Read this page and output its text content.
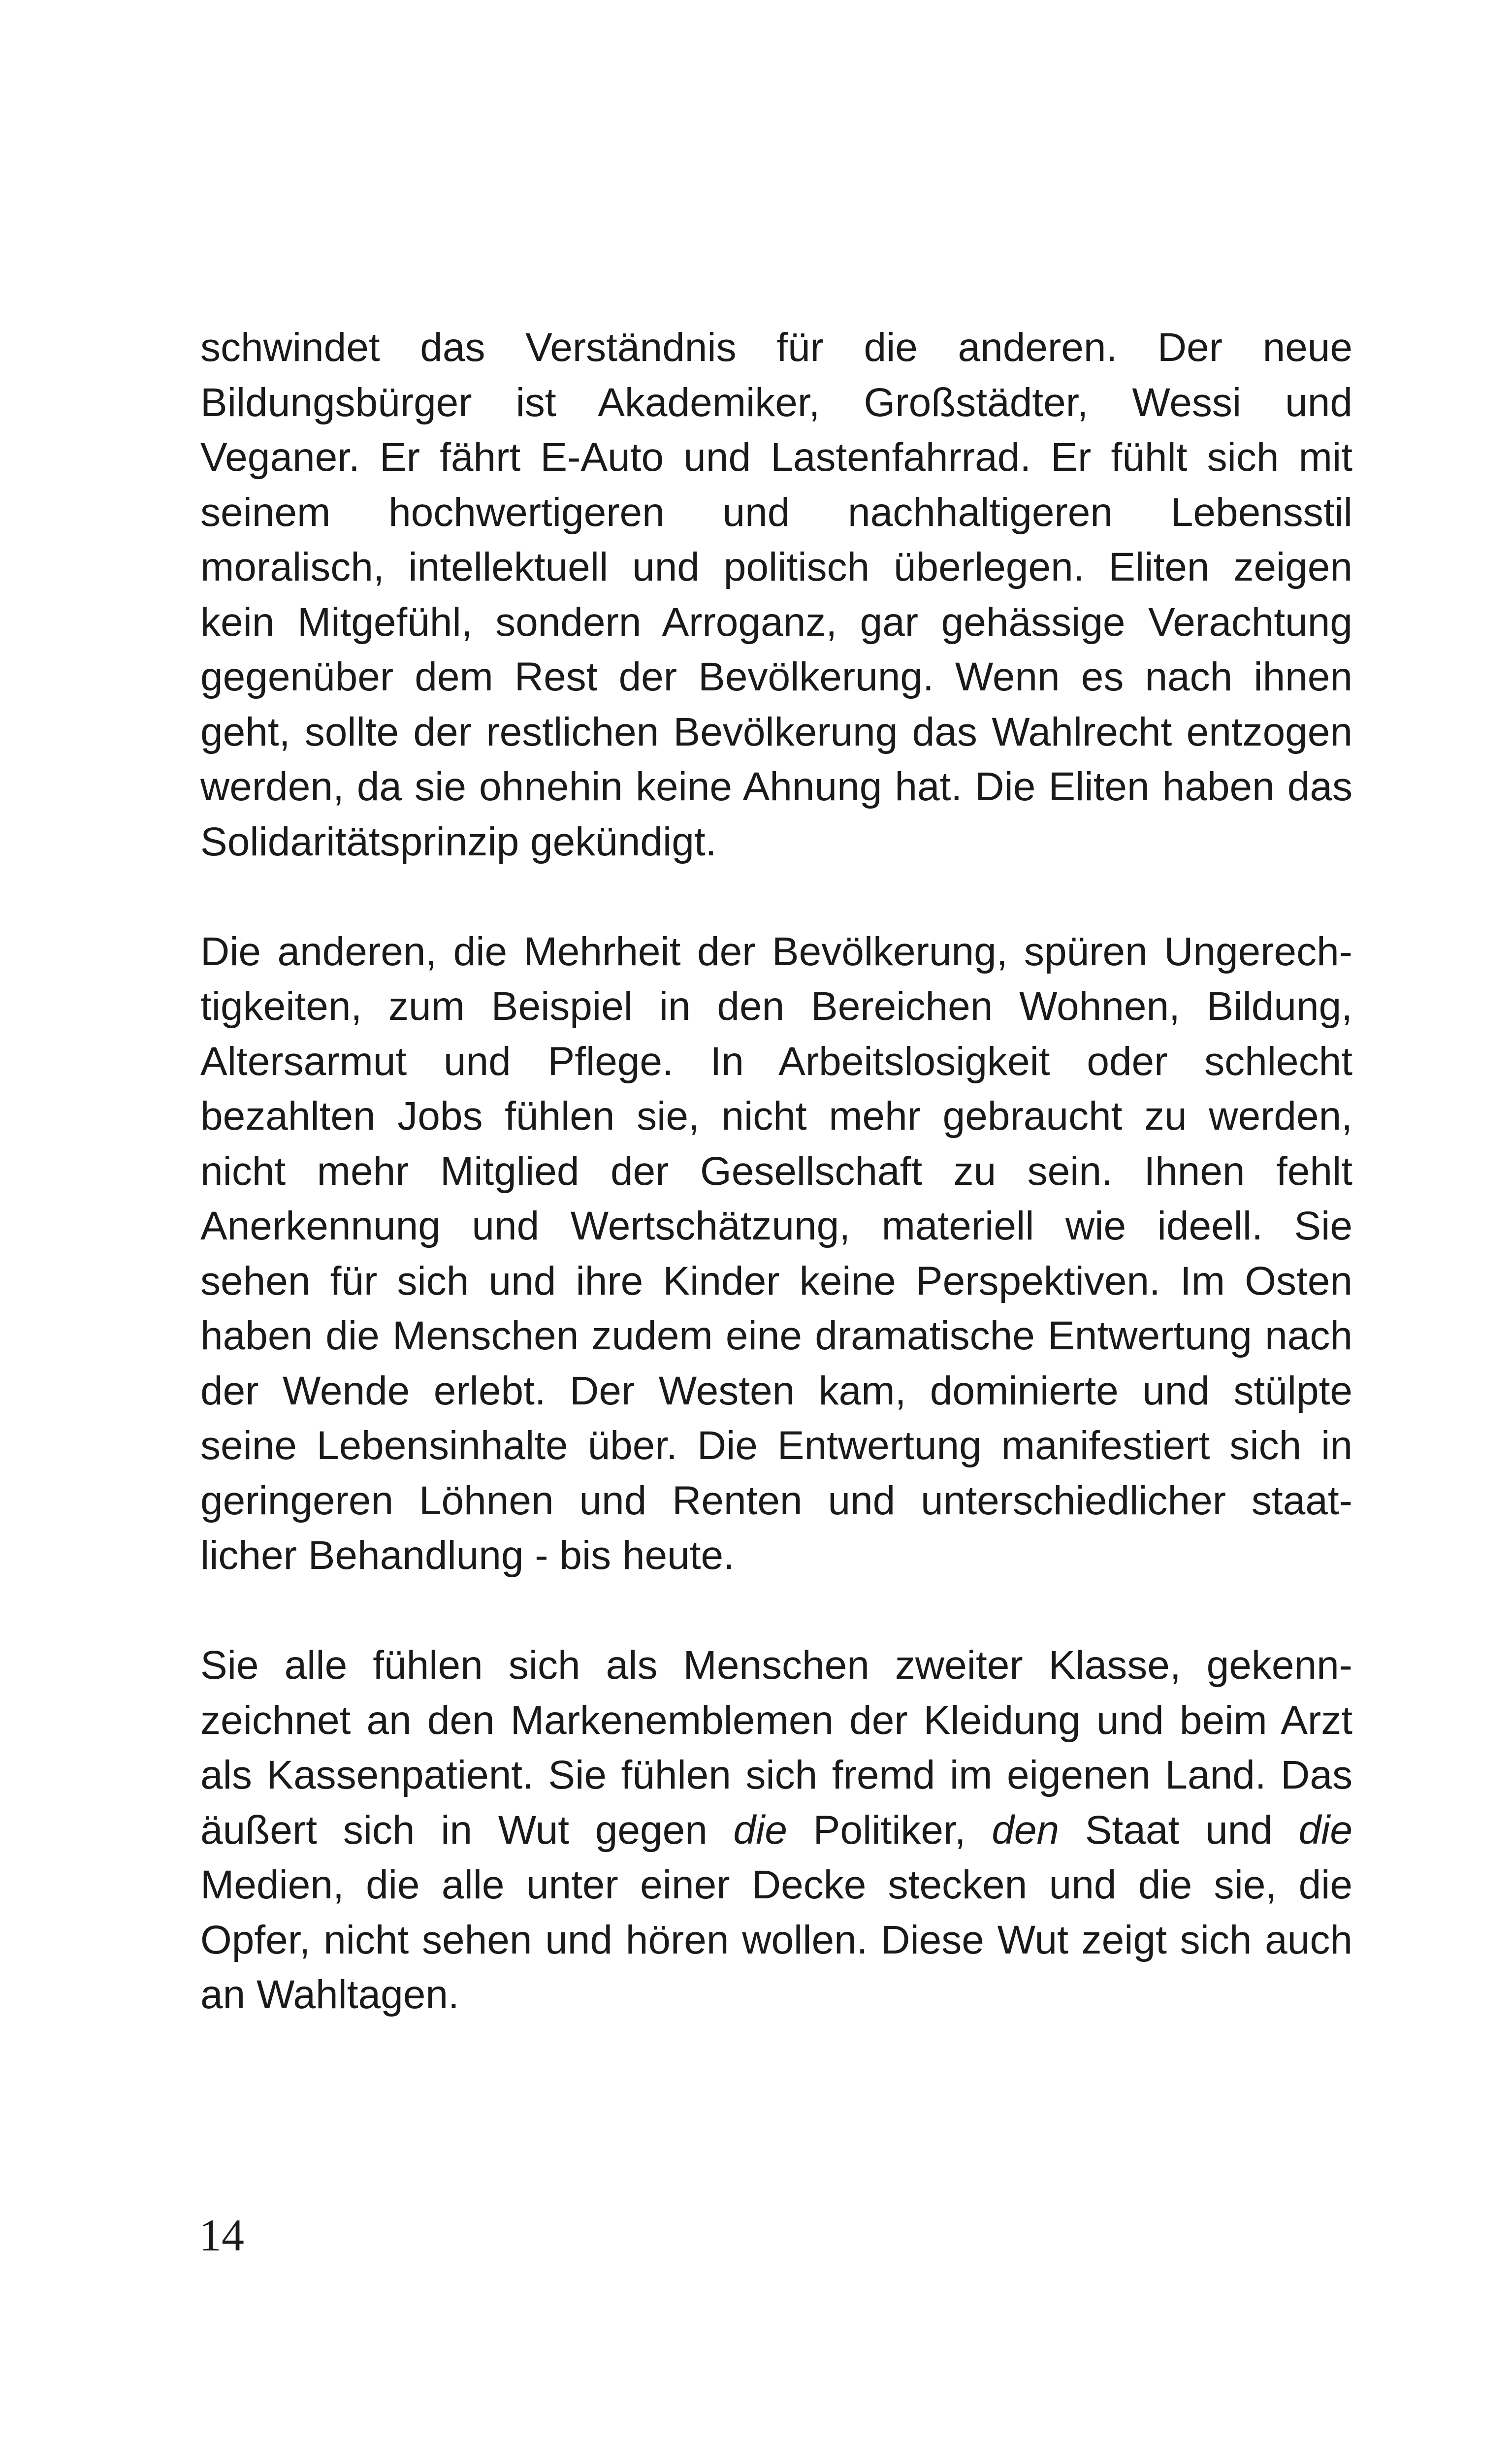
schwindet das Verständnis für die anderen. Der neue
Bildungsbürger ist Akademiker, Großstädter, Wessi und
Veganer. Er fährt E-Auto und Lastenfahrrad. Er fühlt sich mit
seinem hochwertigeren und nachhaltigeren Lebensstil
moralisch, intellektuell und politisch überlegen. Eliten zeigen
kein Mitgefühl, sondern Arroganz, gar gehässige Verachtung
gegenüber dem Rest der Bevölkerung. Wenn es nach ihnen
geht, sollte der restlichen Bevölkerung das Wahlrecht entzogen
werden, da sie ohnehin keine Ahnung hat. Die Eliten haben das
Solidaritätsprinzip gekündigt.
Die anderen, die Mehrheit der Bevölkerung, spüren Ungerech-
tigkeiten, zum Beispiel in den Bereichen Wohnen, Bildung,
Altersarmut und Pflege. In Arbeitslosigkeit oder schlecht
bezahlten Jobs fühlen sie, nicht mehr gebraucht zu werden,
nicht mehr Mitglied der Gesellschaft zu sein. Ihnen fehlt
Anerkennung und Wertschätzung, materiell wie ideell. Sie
sehen für sich und ihre Kinder keine Perspektiven. Im Osten
haben die Menschen zudem eine dramatische Entwertung nach
der Wende erlebt. Der Westen kam, dominierte und stülpte
seine Lebensinhalte über. Die Entwertung manifestiert sich in
geringeren Löhnen und Renten und unterschiedlicher staat-
licher Behandlung - bis heute.
Sie alle fühlen sich als Menschen zweiter Klasse, gekenn-
zeichnet an den Markenemblemen der Kleidung und beim Arzt
als Kassenpatient. Sie fühlen sich fremd im eigenen Land. Das
äußert sich in Wut gegen die Politiker, den Staat und die
Medien, die alle unter einer Decke stecken und die sie, die
Opfer, nicht sehen und hören wollen. Diese Wut zeigt sich auch
an Wahltagen.
14
